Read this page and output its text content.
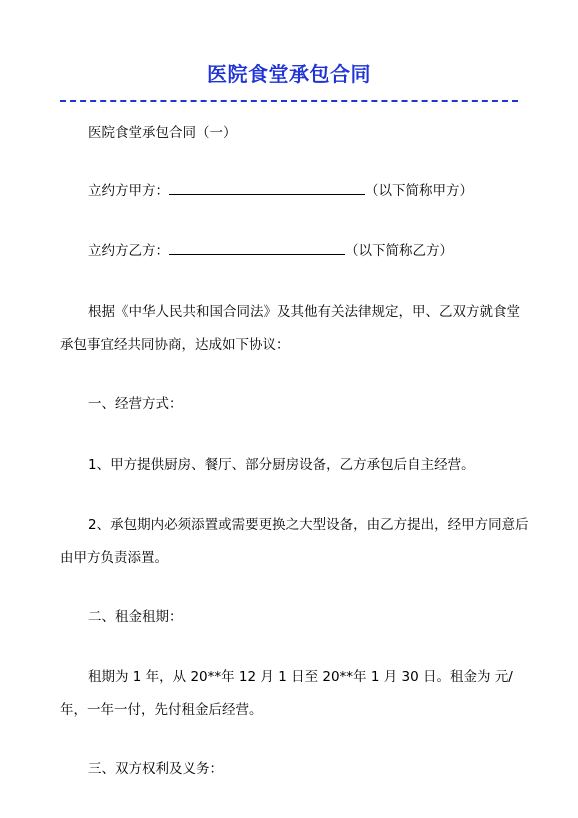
医院食堂承包合同

医院食堂承包合同（一）

立约方甲方：	（以下简称甲方）

立约方乙方：	（以下简称乙方）

根据《中华人民共和国合同法》及其他有关法律规定，甲、乙双方就食堂承包事宜经共同协商，达成如下协议：

一、经营方式：

1、甲方提供厨房、餐厅、部分厨房设备，乙方承包后自主经营。

2、承包期内必须添置或需要更换之大型设备，由乙方提出，经甲方同意后由甲方负责添置。

二、租金租期：

租期为 1 年，从 20**年 12 月 1 日至 20**年 1 月 30 日。租金为 元/年，一年一付，先付租金后经营。

三、双方权利及义务：
